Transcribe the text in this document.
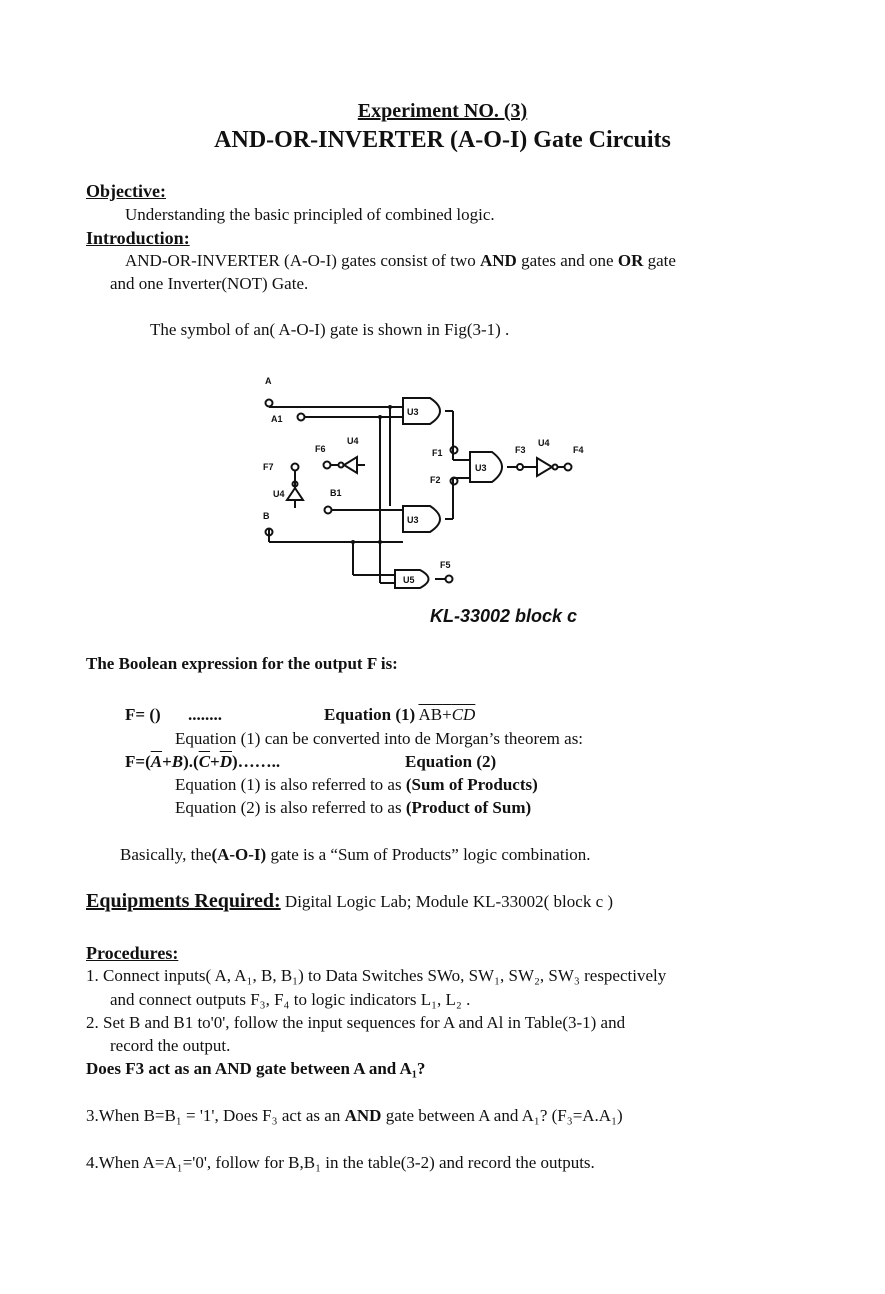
Experiment NO. (3)
AND-OR-INVERTER (A-O-I) Gate Circuits
Objective:
Understanding the basic principled of combined logic.
Introduction:
AND-OR-INVERTER (A-O-I) gates consist of two AND gates and one OR gate
and one Inverter(NOT) Gate.
The symbol of an( A-O-I) gate is shown in Fig(3-1) .
A
A1
F7
F6
U4
U4	B1
B
U3
U3
U3
F1
F2
F3
U4
F4
F5
U5
KL-33002 block c
The Boolean expression for the output F is:
F= () ........	Equation (1) AB+CD
Equation (1) can be converted into de Morgan’s theorem as:
$F=(\overline{A}+B).(\overline{C}+\overline{D})\dots\dots$..	Equation (2)
Equation (1) is also referred to as (Sum of Products)
Equation (2) is also referred to as (Product of Sum)
Basically, the(A-O-I) gate is a “Sum of Products” logic combination.
Equipments Required: Digital Logic Lab; Module KL-33002( block c )
Procedures:
1. Connect inputs( A, A₁, B, B₁) to Data Switches SWo, SW₁, SW₂, SW₃ respectively
and connect outputs F₃, F₄ to logic indicators L₁, L₂ .
2. Set B and B1 to'0', follow the input sequences for A and Al in Table(3-1) and
record the output.
Does F3 act as an AND gate between A and A₁?
3.When B=B₁ = '1', Does F₃ act as an AND gate between A and A₁? (F₃=A.A₁)
4.When A=A₁='0', follow for B,B₁ in the table(3-2) and record the outputs.
